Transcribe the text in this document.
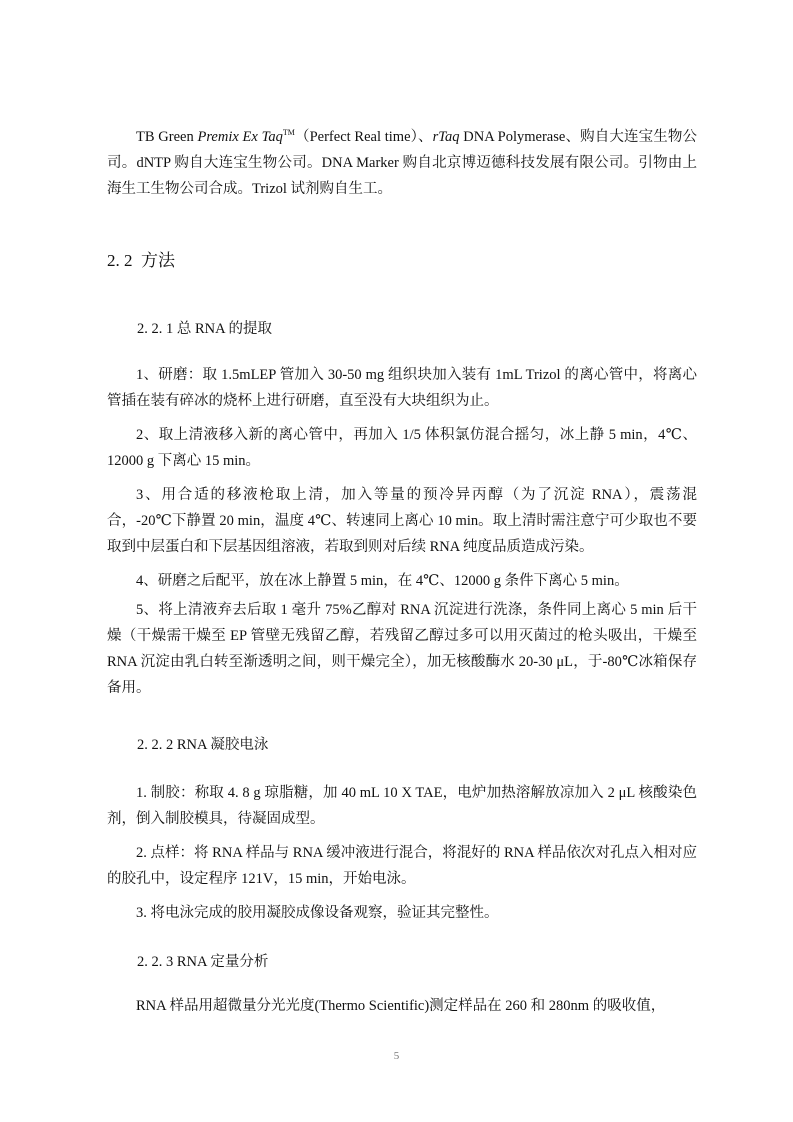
TB Green Premix Ex Taq™（Perfect Real time）、rTaq DNA Polymerase、购自大连宝生物公司。dNTP 购自大连宝生物公司。DNA Marker 购自北京博迈德科技发展有限公司。引物由上海生工生物公司合成。Trizol 试剂购自生工。

2. 2 方法
2. 2. 1 总 RNA 的提取

1、研磨：取 1.5mLEP 管加入 30-50 mg 组织块加入装有 1mL Trizol 的离心管中，将离心管插在装有碎冰的烧杯上进行研磨，直至没有大块组织为止。

2、取上清液移入新的离心管中，再加入 1/5 体积氯仿混合摇匀，冰上静 5 min，4℃、12000 g 下离心 15 min。

3、用合适的移液枪取上清，加入等量的预冷异丙醇（为了沉淀 RNA），震荡混合，-20℃下静置 20 min，温度 4℃、转速同上离心 10 min。取上清时需注意宁可少取也不要取到中层蛋白和下层基因组溶液，若取到则对后续 RNA 纯度品质造成污染。

4、研磨之后配平，放在冰上静置 5 min，在 4℃、12000 g 条件下离心 5 min。

5、将上清液弃去后取 1 毫升 75%乙醇对 RNA 沉淀进行洗涤，条件同上离心 5 min 后干燥（干燥需干燥至 EP 管壁无残留乙醇，若残留乙醇过多可以用灭菌过的枪头吸出，干燥至 RNA 沉淀由乳白转至渐透明之间，则干燥完全），加无核酸酶水 20-30 μL，于-80℃冰箱保存备用。

2. 2. 2 RNA 凝胶电泳

1. 制胶：称取 4. 8 g 琼脂糖，加 40 mL 10 X TAE，电炉加热溶解放凉加入 2 μL 核酸染色剂，倒入制胶模具，待凝固成型。

2. 点样：将 RNA 样品与 RNA 缓冲液进行混合，将混好的 RNA 样品依次对孔点入相对应的胶孔中，设定程序 121V，15 min，开始电泳。

3. 将电泳完成的胶用凝胶成像设备观察，验证其完整性。

2. 2. 3 RNA 定量分析

RNA 样品用超微量分光光度(Thermo Scientific)测定样品在 260 和 280nm 的吸收值，

5
